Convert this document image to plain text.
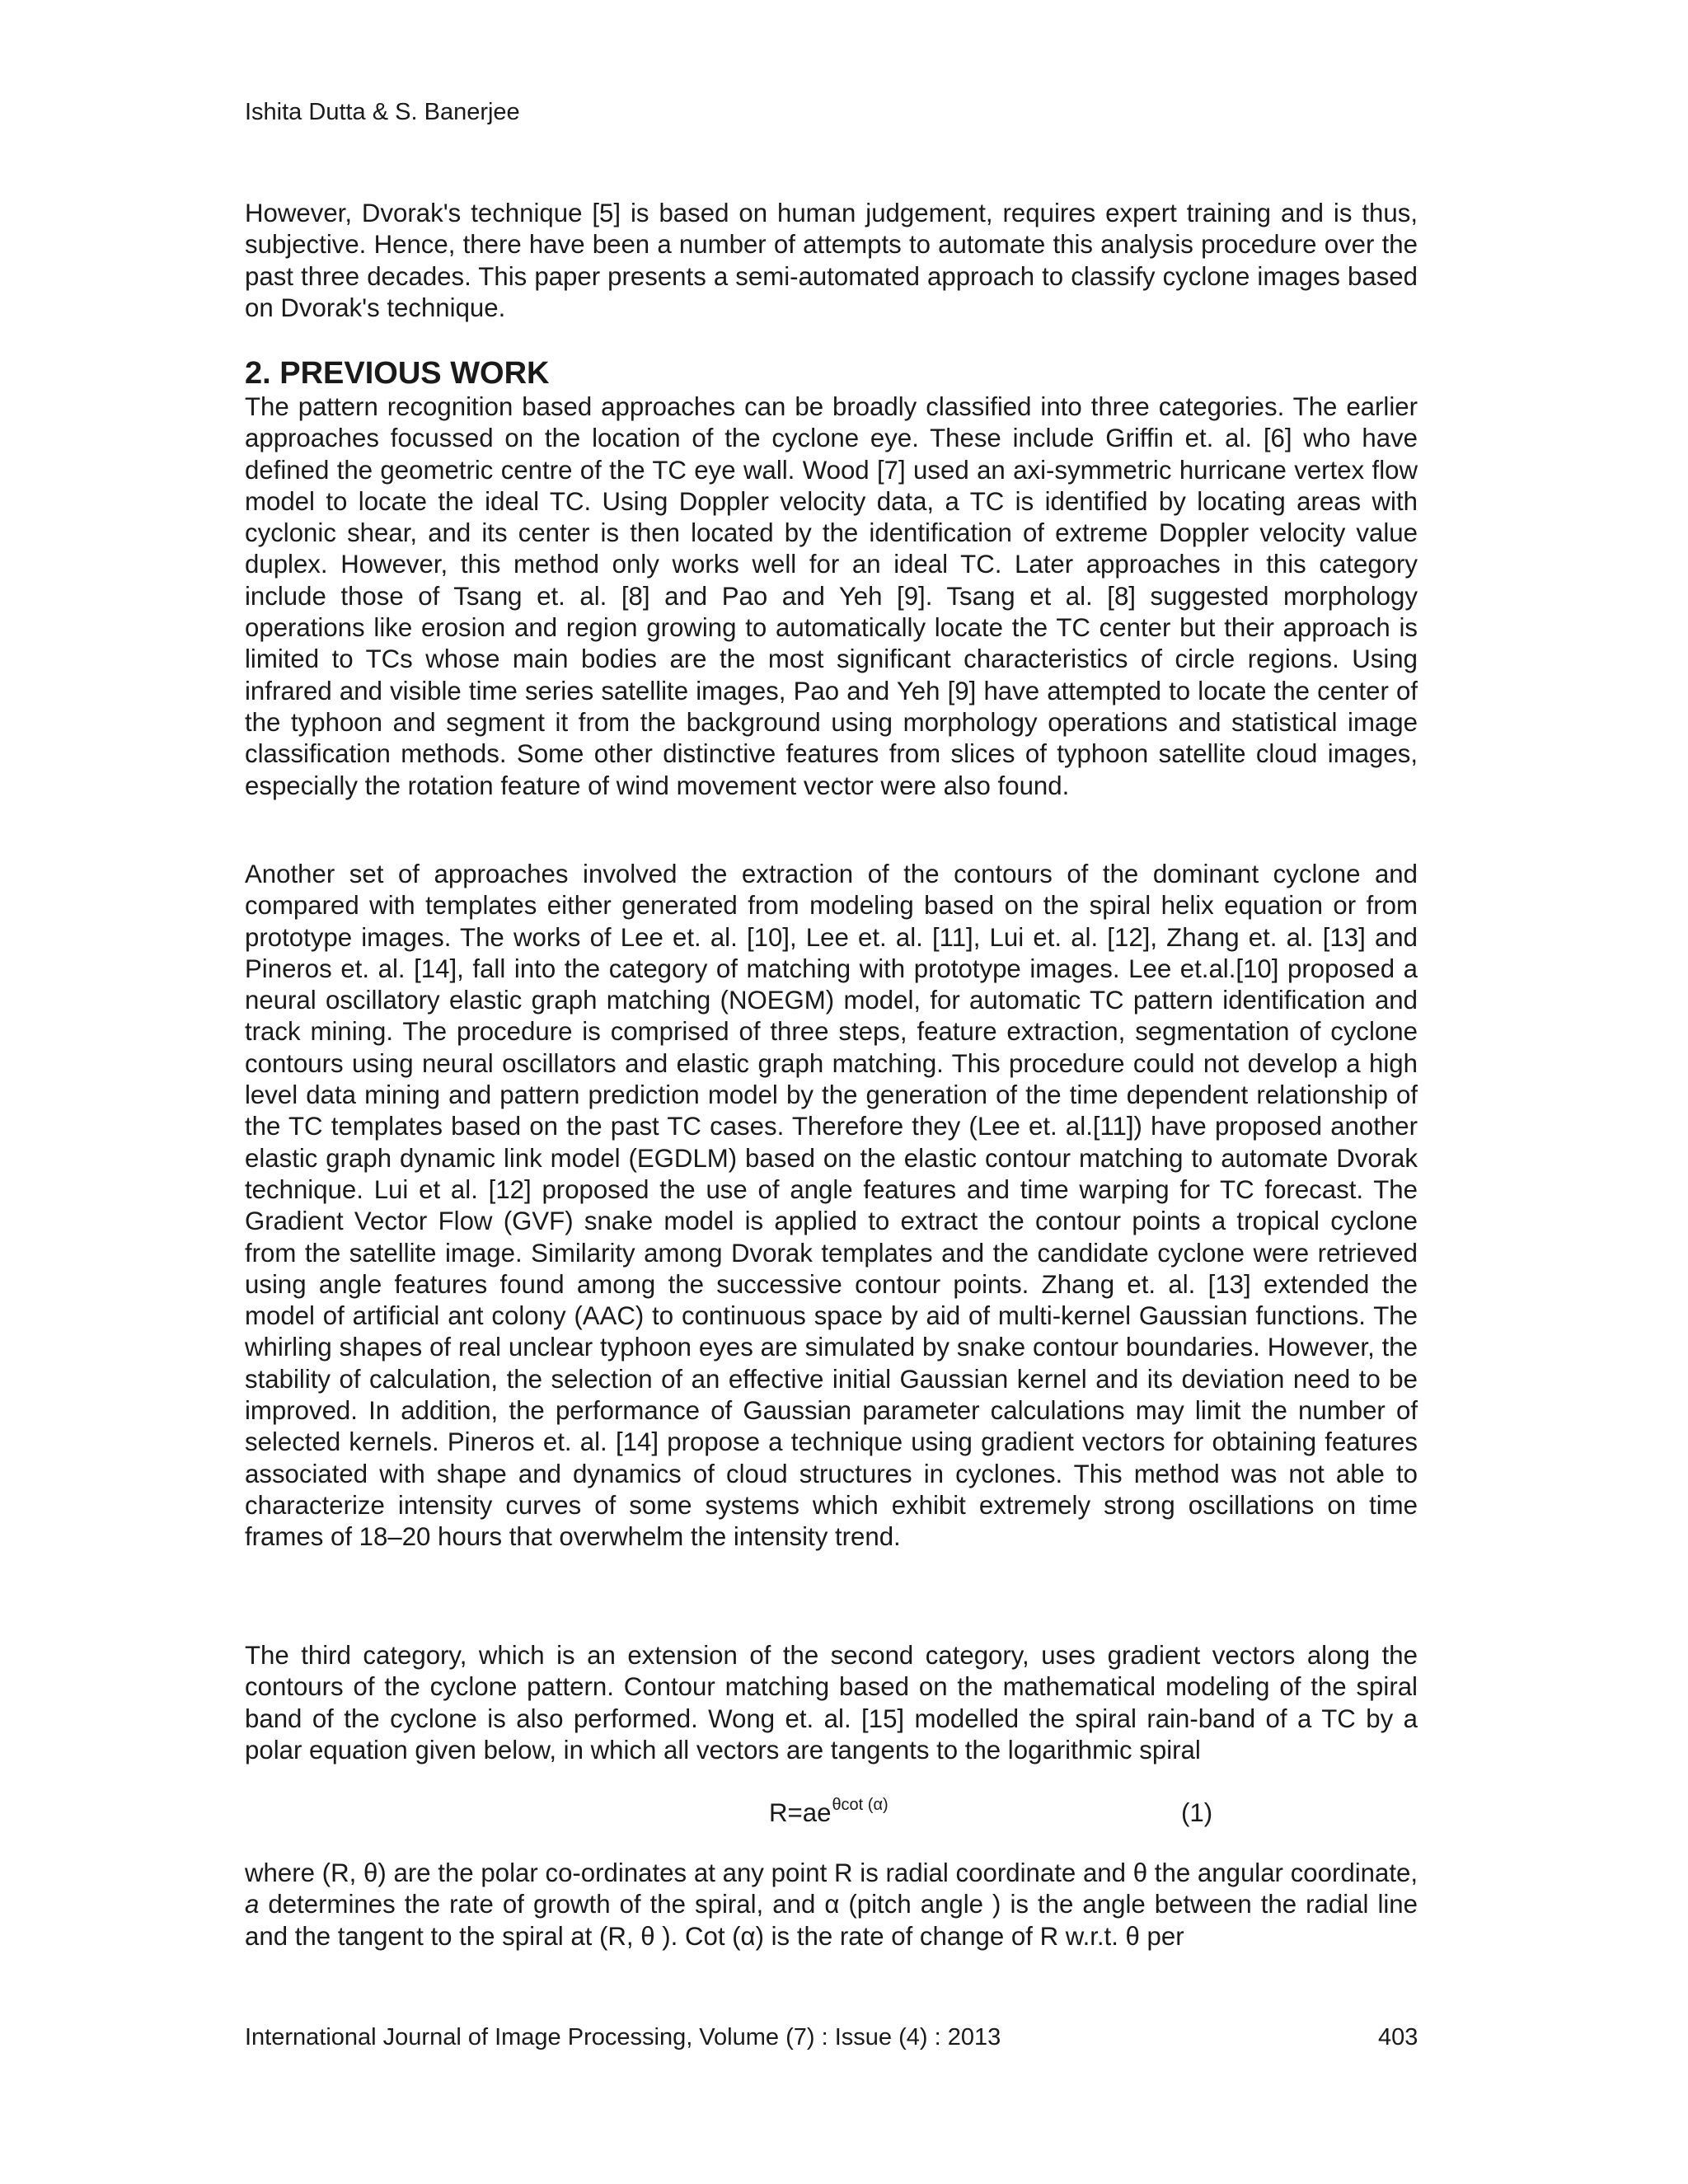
Ishita Dutta & S. Banerjee
However, Dvorak's technique [5] is based on human judgement, requires expert training and is thus, subjective. Hence, there have been a number of attempts to automate this analysis procedure over the past three decades. This paper presents a semi-automated approach to classify cyclone images based on Dvorak's technique.
2. PREVIOUS WORK
The pattern recognition based approaches can be broadly classified into three categories. The earlier approaches focussed on the location of the cyclone eye. These include Griffin et. al. [6] who have defined the geometric centre of the TC eye wall. Wood [7] used an axi-symmetric hurricane vertex flow model to locate the ideal TC. Using Doppler velocity data, a TC is identified by locating areas with cyclonic shear, and its center is then located by the identification of extreme Doppler velocity value duplex. However, this method only works well for an ideal TC. Later approaches in this category include those of Tsang et. al. [8] and Pao and Yeh [9]. Tsang et al. [8] suggested morphology operations like erosion and region growing to automatically locate the TC center but their approach is limited to TCs whose main bodies are the most significant characteristics of circle regions. Using infrared and visible time series satellite images, Pao and Yeh [9] have attempted to locate the center of the typhoon and segment it from the background using morphology operations and statistical image classification methods. Some other distinctive features from slices of typhoon satellite cloud images, especially the rotation feature of wind movement vector were also found.
Another set of approaches involved the extraction of the contours of the dominant cyclone and compared with templates either generated from modeling based on the spiral helix equation or from prototype images. The works of Lee et. al. [10], Lee et. al. [11], Lui et. al. [12], Zhang et. al. [13] and Pineros et. al. [14], fall into the category of matching with prototype images. Lee et.al.[10] proposed a neural oscillatory elastic graph matching (NOEGM) model, for automatic TC pattern identification and track mining. The procedure is comprised of three steps, feature extraction, segmentation of cyclone contours using neural oscillators and elastic graph matching. This procedure could not develop a high level data mining and pattern prediction model by the generation of the time dependent relationship of the TC templates based on the past TC cases. Therefore they (Lee et. al.[11]) have proposed another elastic graph dynamic link model (EGDLM) based on the elastic contour matching to automate Dvorak technique. Lui et al. [12] proposed the use of angle features and time warping for TC forecast. The Gradient Vector Flow (GVF) snake model is applied to extract the contour points a tropical cyclone from the satellite image. Similarity among Dvorak templates and the candidate cyclone were retrieved using angle features found among the successive contour points. Zhang et. al. [13] extended the model of artificial ant colony (AAC) to continuous space by aid of multi-kernel Gaussian functions. The whirling shapes of real unclear typhoon eyes are simulated by snake contour boundaries. However, the stability of calculation, the selection of an effective initial Gaussian kernel and its deviation need to be improved. In addition, the performance of Gaussian parameter calculations may limit the number of selected kernels. Pineros et. al. [14] propose a technique using gradient vectors for obtaining features associated with shape and dynamics of cloud structures in cyclones. This method was not able to characterize intensity curves of some systems which exhibit extremely strong oscillations on time frames of 18–20 hours that overwhelm the intensity trend.
The third category, which is an extension of the second category, uses gradient vectors along the contours of the cyclone pattern. Contour matching based on the mathematical modeling of the spiral band of the cyclone is also performed. Wong et. al. [15] modelled the spiral rain-band of a TC by a polar equation given below, in which all vectors are tangents to the logarithmic spiral
$R=ae^{\theta cot (\alpha)}$	(1)
where (R, θ) are the polar co-ordinates at any point R is radial coordinate and θ the angular coordinate, a determines the rate of growth of the spiral, and α (pitch angle ) is the angle between the radial line and the tangent to the spiral at (R, θ ). Cot (α) is the rate of change of R w.r.t. θ per
International Journal of Image Processing, Volume (7) : Issue (4) : 2013	403
